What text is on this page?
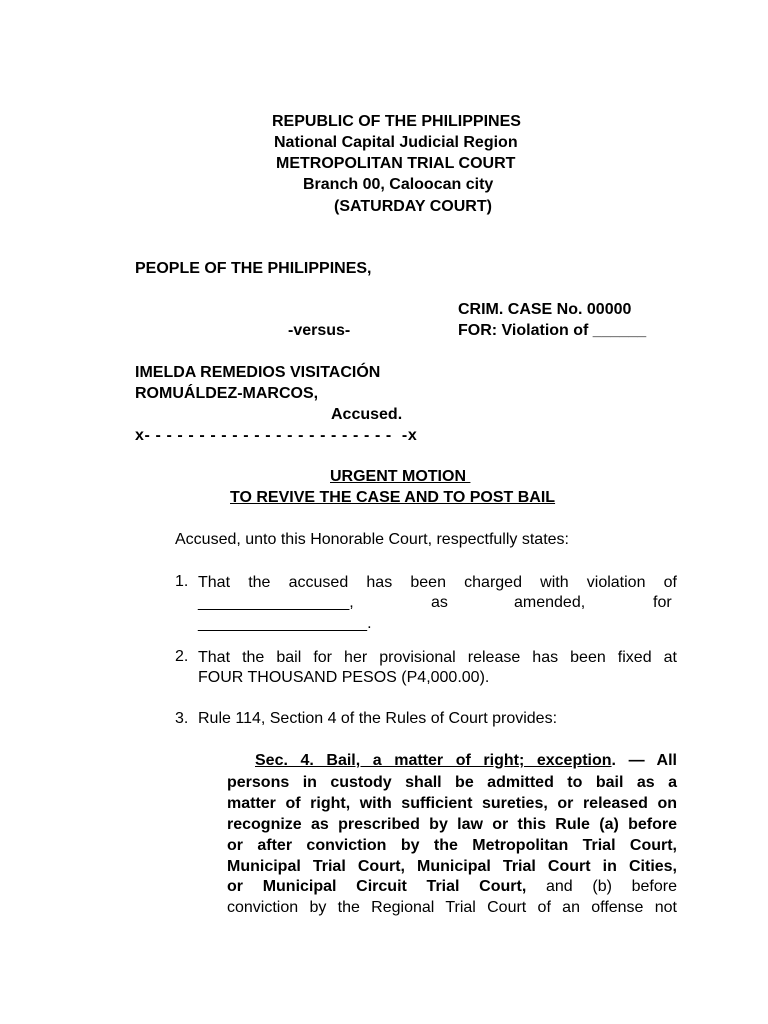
REPUBLIC OF THE PHILIPPINES
National Capital Judicial Region
METROPOLITAN TRIAL COURT
Branch 00, Caloocan city
(SATURDAY COURT)
PEOPLE OF THE PHILIPPINES,
CRIM. CASE No. 00000
-versus-	FOR: Violation of ______
IMELDA REMEDIOS VISITACIÓN
ROMUÁLDEZ-MARCOS,
Accused.
x- - - - - - - - - - - - - - - - - - - - - - -  -x
URGENT MOTION
TO REVIVE THE CASE AND TO POST BAIL
Accused, unto this Honorable Court, respectfully states:
1. That the accused has been charged with violation of
_________________,	as	amended,	for
___________________.
2. That the bail for her provisional release has been fixed at
FOUR THOUSAND PESOS (P4,000.00).
3. Rule 114, Section 4 of the Rules of Court provides:
Sec. 4. Bail, a matter of right; exception. — All
persons in custody shall be admitted to bail as a
matter of right, with sufficient sureties, or released on
recognize as prescribed by law or this Rule (a) before
or after conviction by the Metropolitan Trial Court,
Municipal Trial Court, Municipal Trial Court in Cities,
or Municipal Circuit Trial Court, and (b) before
conviction by the Regional Trial Court of an offense not
